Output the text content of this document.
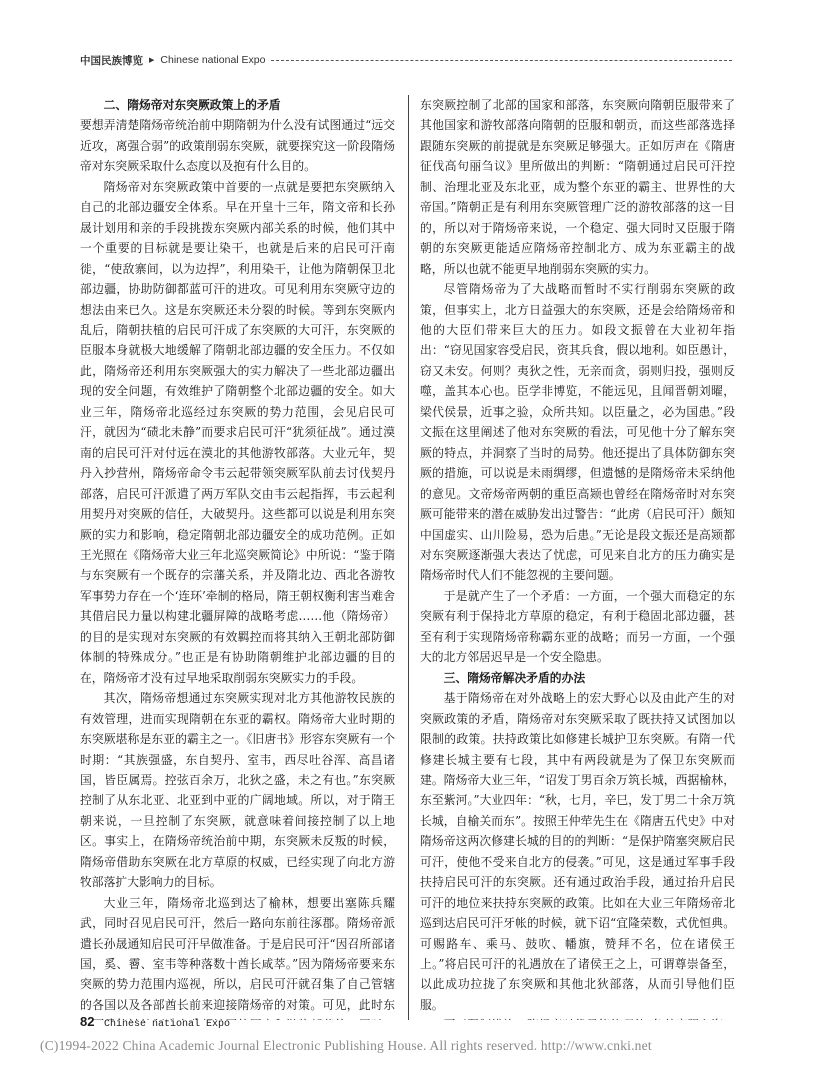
中国民族博览 ▶ Chinese national Expo
二、隋炀帝对东突厥政策上的矛盾

要想弄清楚隋炀帝统治前中期隋朝为什么没有试图通过“远交近攻，离强合弱”的政策削弱东突厥，就要探究这一阶段隋炀帝对东突厥采取什么态度以及抱有什么目的。

隋炀帝对东突厥政策中首要的一点就是要把东突厥纳入自己的北部边疆安全体系。早在开皇十三年，隋文帝和长孙晟计划用和亲的手段挑拨东突厥内部关系的时候，他们其中一个重要的目标就是要让染干，也就是后来的启民可汗南徙，“使敌寨间，以为边捍”，利用染干，让他为隋朝保卫北部边疆，协助防御都蓝可汗的进攻。可见利用东突厥守边的想法由来已久。这是东突厥还未分裂的时候。等到东突厥内乱后，隋朝扶植的启民可汗成了东突厥的大可汗，东突厥的臣服本身就极大地缓解了隋朝北部边疆的安全压力。不仅如此，隋炀帝还利用东突厥强大的实力解决了一些北部边疆出现的安全问题，有效维护了隋朝整个北部边疆的安全。如大业三年，隋炀帝北巡经过东突厥的势力范围，会见启民可汗，就因为“碛北未静”而要求启民可汗“犹须征战”。通过漠南的启民可汗对付远在漠北的其他游牧部落。大业元年，契丹入抄营州，隋炀帝命令韦云起带领突厥军队前去讨伐契丹部落，启民可汗派遣了两万军队交由韦云起指挥，韦云起利用契丹对突厥的信任，大破契丹。这些都可以说是利用东突厥的实力和影响，稳定隋朝北部边疆安全的成功范例。正如王光照在《隋炀帝大业三年北巡突厥简论》中所说：“鉴于隋与东突厥有一个既存的宗藩关系，并及隋北边、西北各游牧军事势力存在一个‘连环’牵制的格局，隋王朝权衡利害当难舍其借启民力量以构建北疆屏障的战略考虑……他（隋炀帝）的目的是实现对东突厥的有效羁控而将其纳入王朝北部防御体制的特殊成分。”也正是有协助隋朝维护北部边疆的目的在，隋炀帝才没有过早地采取削弱东突厥实力的手段。

其次，隋炀帝想通过东突厥实现对北方其他游牧民族的有效管理，进而实现隋朝在东亚的霸权。隋炀帝大业时期的东突厥堪称是东亚的霸主之一。《旧唐书》形容东突厥有一个时期：“其族强盛，东自契丹、室韦，西尽吐谷浑、高昌诸国，皆臣属焉。控弦百余万，北狄之盛，未之有也。”东突厥控制了从东北亚、北亚到中亚的广阔地域。所以，对于隋王朝来说，一旦控制了东突厥，就意味着间接控制了以上地区。事实上，在隋炀帝统治前中期，东突厥未反叛的时候，隋炀帝借助东突厥在北方草原的权威，已经实现了向北方游牧部落扩大影响力的目标。

大业三年，隋炀帝北巡到达了榆林，想要出塞陈兵耀武，同时召见启民可汗，然后一路向东前往涿郡。隋炀帝派遣长孙晟通知启民可汗早做准备。于是启民可汗“因召所部诸国，奚、霫、室韦等种落数十酋长咸萃。”因为隋炀帝要来东突厥的势力范围内巡视，所以，启民可汗就召集了自己管辖的各国以及各部酋长前来迎接隋炀帝的对策。可见，此时东

东突厥控制了北部的国家和部落，东突厥向隋朝臣服带来了其他国家和游牧部落向隋朝的臣服和朝贡，而这些部落选择跟随东突厥的前提就是东突厥足够强大。正如厉声在《隋唐征伐高句丽刍议》里所做出的判断：“隋朝通过启民可汗控制、治理北亚及东北亚，成为整个东亚的霸主、世界性的大帝国。”隋朝正是有利用东突厥管理广泛的游牧部落的这一目的，所以对于隋炀帝来说，一个稳定、强大同时又臣服于隋朝的东突厥更能适应隋炀帝控制北方、成为东亚霸主的战略，所以也就不能更早地削弱东突厥的实力。

尽管隋炀帝为了大战略而暂时不实行削弱东突厥的政策，但事实上，北方日益强大的东突厥，还是会给隋炀帝和他的大臣们带来巨大的压力。如段文振曾在大业初年指出：“窃见国家容受启民，资其兵食，假以地利。如臣愚计，窃又未安。何则？夷狄之性，无亲而贪，弱则归投，强则反噬，盖其本心也。臣学非博览，不能远见，且闻晋朝刘曜，梁代侯景，近事之验，众所共知。以臣量之，必为国患。”段文振在这里阐述了他对东突厥的看法，可见他十分了解东突厥的特点，并洞察了当时的局势。他还提出了具体防御东突厥的措施，可以说是未雨绸缪，但遗憾的是隋炀帝未采纳他的意见。文帝炀帝两朝的重臣高颎也曾经在隋炀帝时对东突厥可能带来的潜在威胁发出过警告：“此虏（启民可汗）颇知中国虚实、山川险易，恐为后患。”无论是段文振还是高颎都对东突厥逐渐强大表达了忧虑，可见来自北方的压力确实是隋炀帝时代人们不能忽视的主要问题。

于是就产生了一个矛盾：一方面，一个强大而稳定的东突厥有利于保持北方草原的稳定，有利于稳固北部边疆，甚至有利于实现隋炀帝称霸东亚的战略；而另一方面，一个强大的北方邻居迟早是一个安全隐患。

三、隋炀帝解决矛盾的办法

基于隋炀帝在对外战略上的宏大野心以及由此产生的对突厥政策的矛盾，隋炀帝对东突厥采取了既扶持又试图加以限制的政策。扶持政策比如修建长城护卫东突厥。有隋一代修建长城主要有七段，其中有两段就是为了保卫东突厥而建。隋炀帝大业三年，“诏发丁男百余万筑长城，西据榆林，东至紫河。”大业四年：“秋，七月，辛巳，发丁男二十余万筑长城，自榆关而东”。按照王仲荦先生在《隋唐五代史》中对隋炀帝这两次修建长城的目的的判断：“是保护隋塞突厥启民可汗，使他不受来自北方的侵袭。”可见，这是通过军事手段扶持启民可汗的东突厥。还有通过政治手段，通过抬升启民可汗的地位来扶持东突厥的政策。比如在大业三年隋炀帝北巡到达启民可汗牙帐的时候，就下诏“宜隆荣数，式优恒典。可赐路车、乘马、鼓吹、幡旗，赞拜不名，位在诸侯王上。”将启民可汗的礼遇放在了诸侯王之上，可谓尊崇备至，以此成功拉拢了东突厥和其他北狄部落，从而引导他们臣服。

82 Chinese national Expo
(C)1994-2022 China Academic Journal Electronic Publishing House. All rights reserved. http://www.cnki.net
